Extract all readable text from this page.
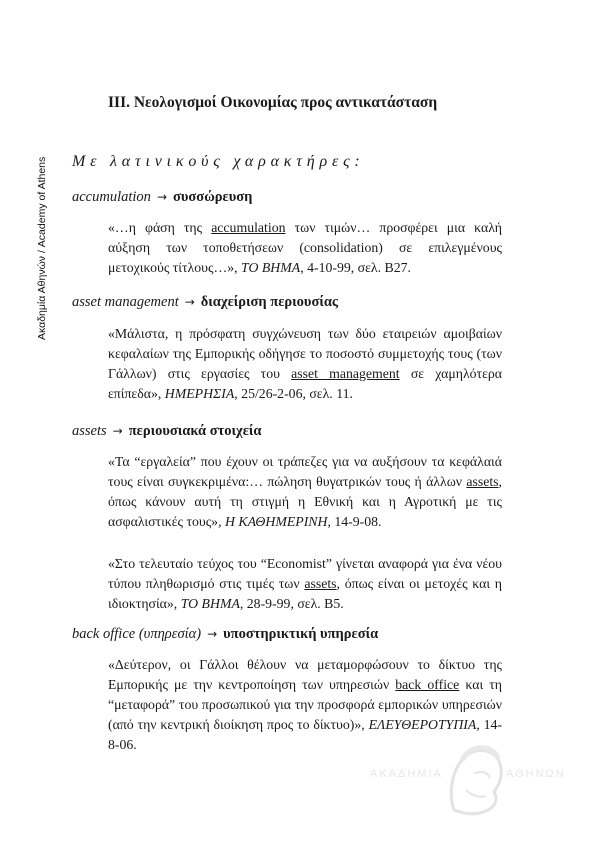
Ακαδημία Αθηνών / Academy of Athens
III. Νεολογισμοί Οικονομίας προς αντικατάσταση
Με λατινικούς χαρακτήρες:
accumulation → συσσώρευση
«…η φάση της accumulation των τιμών… προσφέρει μια καλή αύξηση των τοποθετήσεων (consolidation) σε επιλεγμένους μετοχικούς τίτλους…», ΤΟ ΒΗΜΑ, 4-10-99, σελ. Β27.
asset management → διαχείριση περιουσίας
«Μάλιστα, η πρόσφατη συγχώνευση των δύο εταιρειών αμοιβαίων κεφαλαίων της Εμπορικής οδήγησε το ποσοστό συμμετοχής τους (των Γάλλων) στις εργασίες του asset management σε χαμηλότερα επίπεδα», ΗΜΕΡΗΣΙΑ, 25/26-2-06, σελ. 11.
assets → περιουσιακά στοιχεία
«Τα “εργαλεία” που έχουν οι τράπεζες για να αυξήσουν τα κεφάλαιά τους είναι συγκεκριμένα:… πώληση θυγατρικών τους ή άλλων assets, όπως κάνουν αυτή τη στιγμή η Εθνική και η Αγροτική με τις ασφαλιστικές τους», Η ΚΑΘΗΜΕΡΙΝΗ, 14-9-08.
«Στο τελευταίο τεύχος του “Economist” γίνεται αναφορά για ένα νέου τύπου πληθωρισμό στις τιμές των assets, όπως είναι οι μετοχές και η ιδιοκτησία», ΤΟ ΒΗΜΑ, 28-9-99, σελ. Β5.
back office (υπηρεσία) → υποστηρικτική υπηρεσία
«Δεύτερον, οι Γάλλοι θέλουν να μεταμορφώσουν το δίκτυο της Εμπορικής με την κεντροποίηση των υπηρεσιών back office και τη “μεταφορά” του προσωπικού για την προσφορά εμπορικών υπηρεσιών (από την κεντρική διοίκηση προς το δίκτυο)», ΕΛΕΥΘΕΡΟΤΥΠΙΑ, 14-8-06.
ΑΚΑΔΗΜΙΑ	ΑΘΗΝΩΝ
